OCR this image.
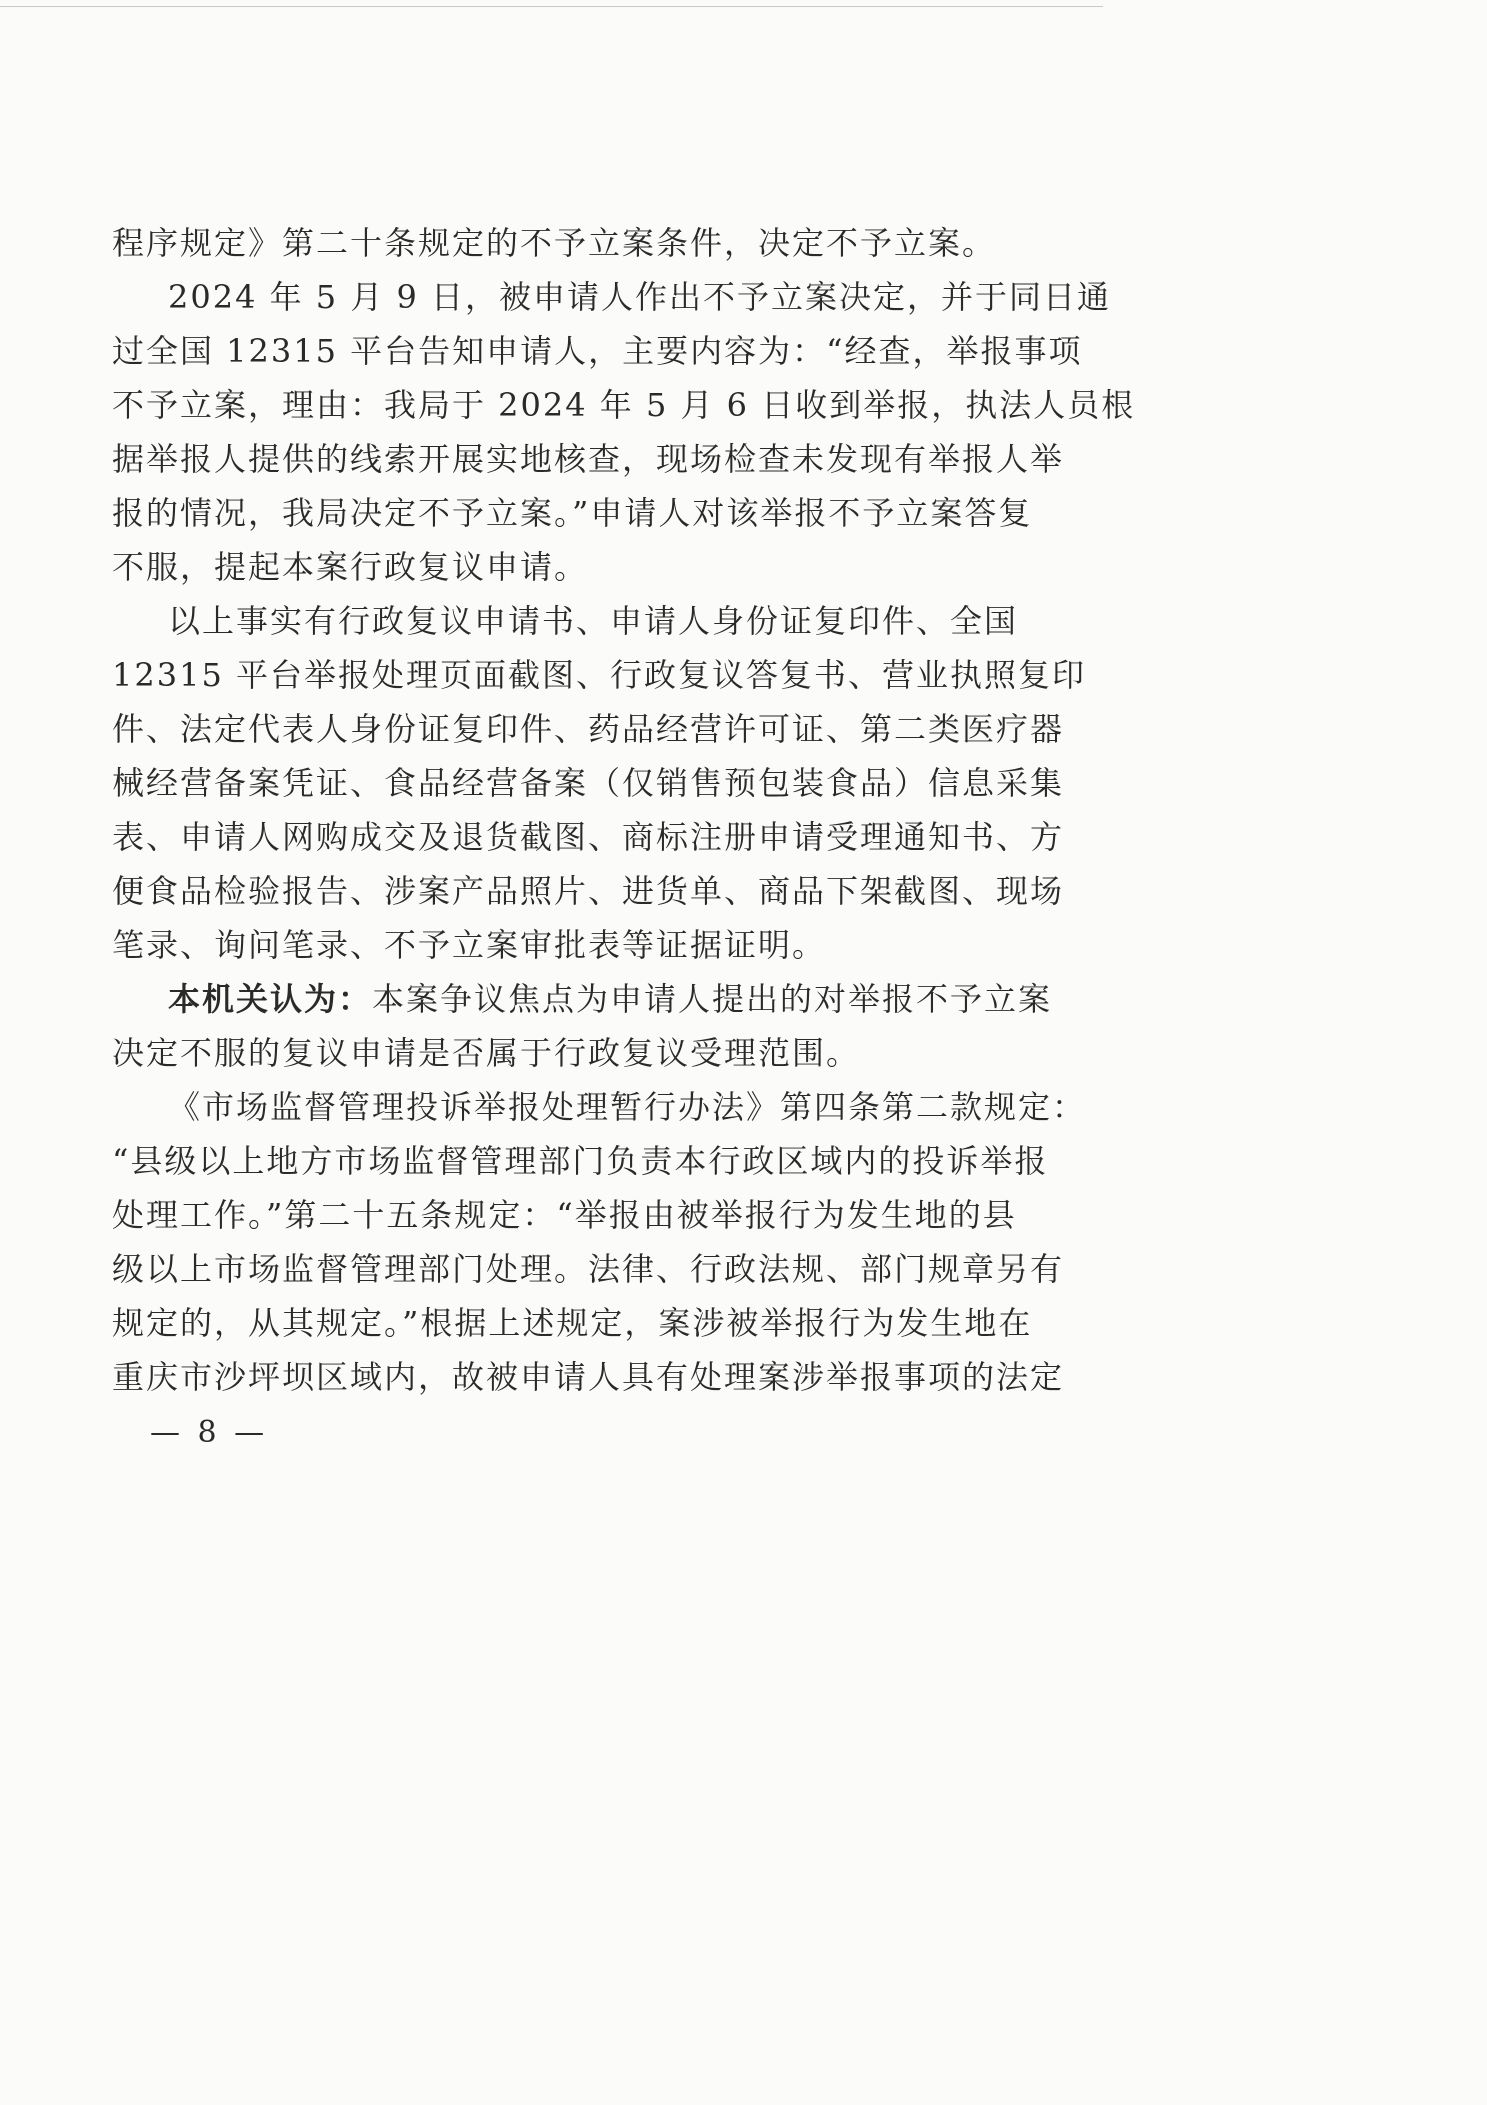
程序规定》第二十条规定的不予立案条件，决定不予立案。
2024 年 5 月 9 日，被申请人作出不予立案决定，并于同日通
过全国 12315 平台告知申请人，主要内容为：“经查，举报事项
不予立案，理由：我局于 2024 年 5 月 6 日收到举报，执法人员根
据举报人提供的线索开展实地核查，现场检查未发现有举报人举
报的情况，我局决定不予立案。”申请人对该举报不予立案答复
不服，提起本案行政复议申请。
以上事实有行政复议申请书、申请人身份证复印件、全国
12315 平台举报处理页面截图、行政复议答复书、营业执照复印
件、法定代表人身份证复印件、药品经营许可证、第二类医疗器
械经营备案凭证、食品经营备案（仅销售预包装食品）信息采集
表、申请人网购成交及退货截图、商标注册申请受理通知书、方
便食品检验报告、涉案产品照片、进货单、商品下架截图、现场
笔录、询问笔录、不予立案审批表等证据证明。
本机关认为：本案争议焦点为申请人提出的对举报不予立案
决定不服的复议申请是否属于行政复议受理范围。
《市场监督管理投诉举报处理暂行办法》第四条第二款规定：
“县级以上地方市场监督管理部门负责本行政区域内的投诉举报
处理工作。”第二十五条规定：“举报由被举报行为发生地的县
级以上市场监督管理部门处理。法律、行政法规、部门规章另有
规定的，从其规定。”根据上述规定，案涉被举报行为发生地在
重庆市沙坪坝区域内，故被申请人具有处理案涉举报事项的法定
— 8 —
